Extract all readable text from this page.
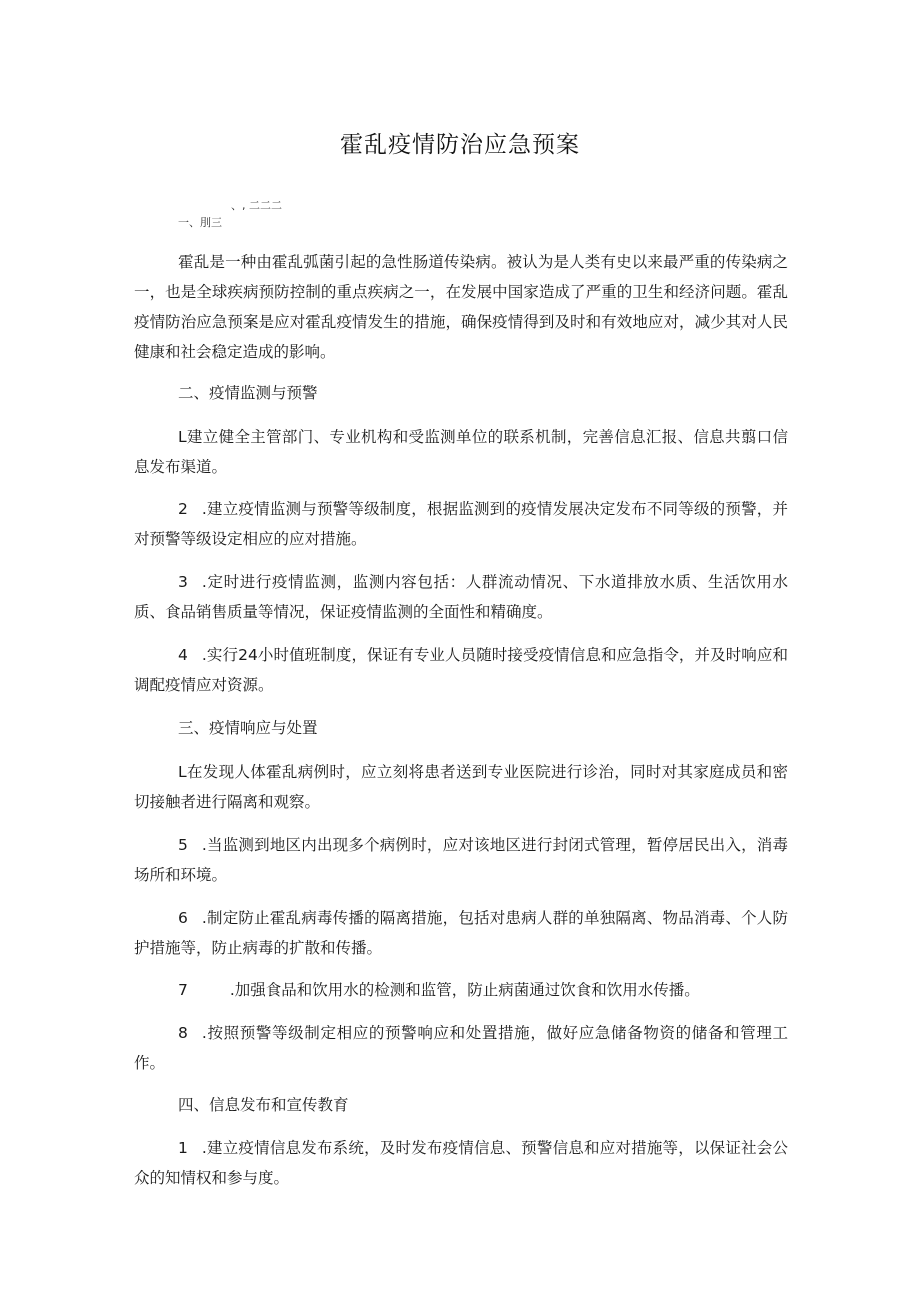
霍乱疫情防治应急预案
、, 二二二
一、刖三
霍乱是一种由霍乱弧菌引起的急性肠道传染病。被认为是人类有史以来最严重的传染病之一，也是全球疾病预防控制的重点疾病之一，在发展中国家造成了严重的卫生和经济问题。霍乱疫情防治应急预案是应对霍乱疫情发生的措施，确保疫情得到及时和有效地应对，减少其对人民健康和社会稳定造成的影响。
二、疫情监测与预警
L建立健全主管部门、专业机构和受监测单位的联系机制，完善信息汇报、信息共翦口信息发布渠道。
2 .建立疫情监测与预警等级制度，根据监测到的疫情发展决定发布不同等级的预警，并对预警等级设定相应的应对措施。
3 .定时进行疫情监测，监测内容包括：人群流动情况、下水道排放水质、生活饮用水质、食品销售质量等情况，保证疫情监测的全面性和精确度。
4 .实行24小时值班制度，保证有专业人员随时接受疫情信息和应急指令，并及时响应和调配疫情应对资源。
三、疫情响应与处置
L在发现人体霍乱病例时，应立刻将患者送到专业医院进行诊治，同时对其家庭成员和密切接触者进行隔离和观察。
5 .当监测到地区内出现多个病例时，应对该地区进行封闭式管理，暂停居民出入，消毒场所和环境。
6 .制定防止霍乱病毒传播的隔离措施，包括对患病人群的单独隔离、物品消毒、个人防护措施等，防止病毒的扩散和传播。
7	.加强食品和饮用水的检测和监管，防止病菌通过饮食和饮用水传播。
8 .按照预警等级制定相应的预警响应和处置措施，做好应急储备物资的储备和管理工作。
四、信息发布和宣传教育
1 .建立疫情信息发布系统，及时发布疫情信息、预警信息和应对措施等，以保证社会公众的知情权和参与度。
